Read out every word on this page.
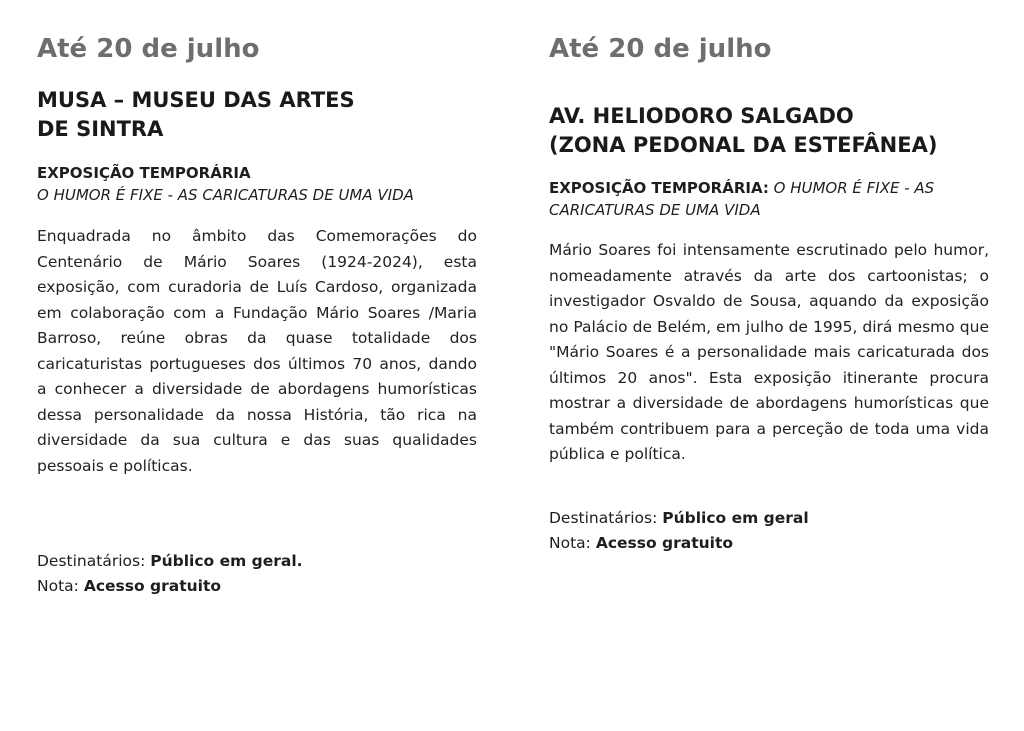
Até 20 de julho
MUSA – MUSEU DAS ARTES
DE SINTRA

EXPOSIÇÃO TEMPORÁRIA
O HUMOR É FIXE - AS CARICATURAS DE UMA VIDA

Enquadrada no âmbito das Comemorações do Centenário de Mário Soares (1924-2024), esta exposição, com curadoria de Luís Cardoso, organizada em colaboração com a Fundação Mário Soares /Maria Barroso, reúne obras da quase totalidade dos caricaturistas portugueses dos últimos 70 anos, dando a conhecer a diversidade de abordagens humorísticas dessa personalidade da nossa História, tão rica na diversidade da sua cultura e das suas qualidades pessoais e políticas.

Destinatários: Público em geral.
Nota: Acesso gratuito

Até 20 de julho
AV. HELIODORO SALGADO
(ZONA PEDONAL DA ESTEFÂNEA)

EXPOSIÇÃO TEMPORÁRIA: O HUMOR É FIXE - AS CARICATURAS DE UMA VIDA

Mário Soares foi intensamente escrutinado pelo humor, nomeadamente através da arte dos cartoonistas; o investigador Osvaldo de Sousa, aquando da exposição no Palácio de Belém, em julho de 1995, dirá mesmo que "Mário Soares é a personalidade mais caricaturada dos últimos 20 anos". Esta exposição itinerante procura mostrar a diversidade de abordagens humorísticas que também contribuem para a perceção de toda uma vida pública e política.

Destinatários: Público em geral
Nota: Acesso gratuito
